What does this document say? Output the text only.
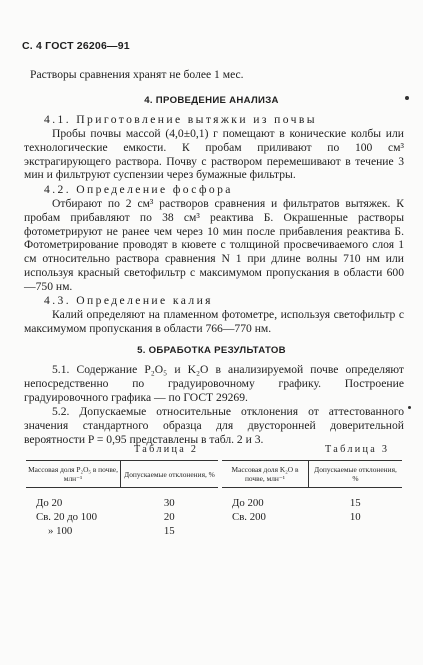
С. 4 ГОСТ 26206—91

Растворы сравнения хранят не более 1 мес.

4. ПРОВЕДЕНИЕ АНАЛИЗА

4.1. Приготовление вытяжки из почвы

Пробы почвы массой (4,0±0,1) г помещают в конические колбы или технологические емкости. К пробам приливают по 100 см³ экстрагирующего раствора. Почву с раствором перемешивают в течение 3 мин и фильтруют суспензии через бумажные фильтры.

4.2. Определение фосфора

Отбирают по 2 см³ растворов сравнения и фильтратов вытяжек. К пробам прибавляют по 38 см³ реактива Б. Окрашенные растворы фотометрируют не ранее чем через 10 мин после прибавления реактива Б. Фотометрирование проводят в кювете с толщиной просвечиваемого слоя 1 см относительно раствора сравнения N 1 при длине волны 710 нм или используя красный светофильтр с максимумом пропускания в области 600—750 нм.

4.3. Определение калия

Калий определяют на пламенном фотометре, используя светофильтр с максимумом пропускания в области 766—770 нм.

5. ОБРАБОТКА РЕЗУЛЬТАТОВ

5.1. Содержание P₂O₅ и K₂O в анализируемой почве определяют непосредственно по градуировочному графику. Построение градуировочного графика — по ГОСТ 29269.

5.2. Допускаемые относительные отклонения от аттестованного значения стандартного образца для двусторонней доверительной вероятности P = 0,95 представлены в табл. 2 и 3.

Таблица 2	Таблица 3
Массовая доля P₂O₅ в почве, млн⁻¹	Допускаемые отклонения, %

До 20	30
Св. 20 до 100	20
» 100	15
Массовая доля K₂O в почве, млн⁻¹	Допускаемые отклонения, %

До 200	15
Св. 200	10
